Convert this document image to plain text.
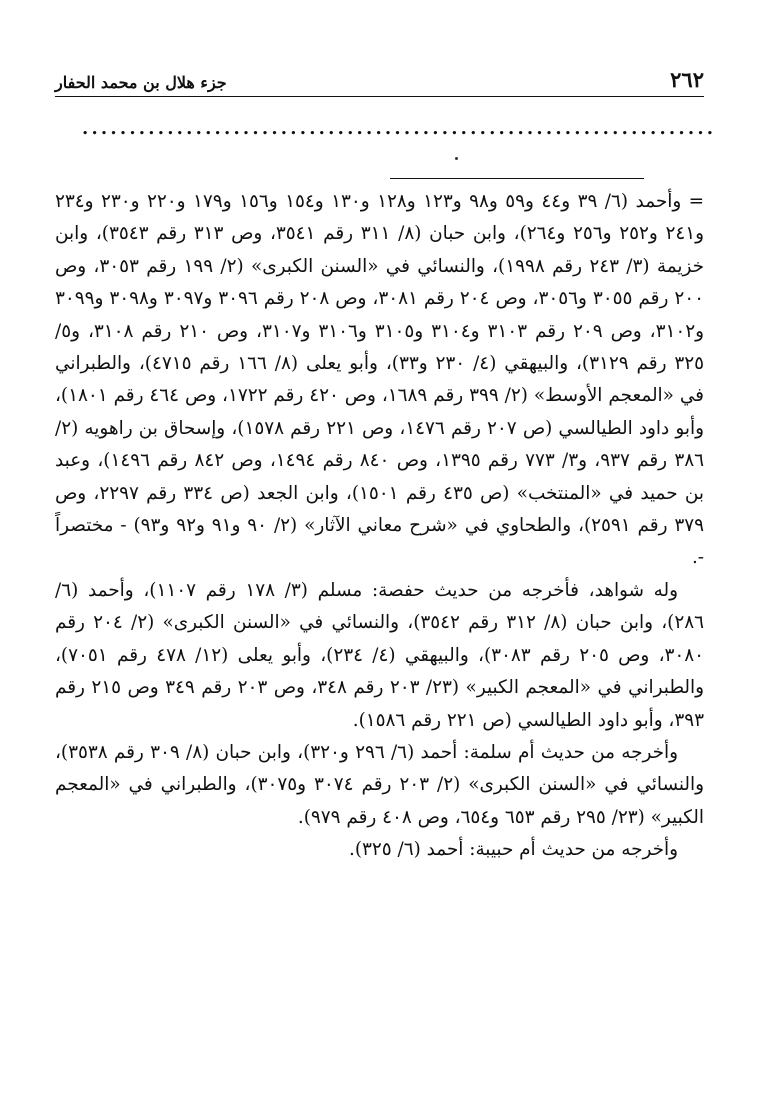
٢٦٢
جزء هلال بن محمد الحفار
...................................................................

= وأحمد (٦/ ٣٩ و٤٤ و٥٩ و٩٨ و١٢٣ و١٢٨ و١٣٠ و١٥٤ و١٥٦ و١٧٩ و٢٢٠ و٢٣٠ و٢٣٤ و٢٤١ و٢٥٢ و٢٥٦ و٢٦٤)، وابن حبان (٨/ ٣١١ رقم ٣٥٤١، وص ٣١٣ رقم ٣٥٤٣)، وابن خزيمة (٣/ ٢٤٣ رقم ١٩٩٨)، والنسائي في «السنن الكبرى» (٢/ ١٩٩ رقم ٣٠٥٣، وص ٢٠٠ رقم ٣٠٥٥ و٣٠٥٦، وص ٢٠٤ رقم ٣٠٨١، وص ٢٠٨ رقم ٣٠٩٦ و٣٠٩٧ و٣٠٩٨ و٣٠٩٩ و٣١٠٢، وص ٢٠٩ رقم ٣١٠٣ و٣١٠٤ و٣١٠٥ و٣١٠٦ و٣١٠٧، وص ٢١٠ رقم ٣١٠٨، و٥/ ٣٢٥ رقم ٣١٢٩)، والبيهقي (٤/ ٢٣٠ و٣٣)، وأبو يعلى (٨/ ١٦٦ رقم ٤٧١٥)، والطبراني في «المعجم الأوسط» (٢/ ٣٩٩ رقم ١٦٨٩، وص ٤٢٠ رقم ١٧٢٢، وص ٤٦٤ رقم ١٨٠١)، وأبو داود الطيالسي (ص ٢٠٧ رقم ١٤٧٦، وص ٢٢١ رقم ١٥٧٨)، وإسحاق بن راهويه (٢/ ٣٨٦ رقم ٩٣٧، و٣/ ٧٧٣ رقم ١٣٩٥، وص ٨٤٠ رقم ١٤٩٤، وص ٨٤٢ رقم ١٤٩٦)، وعبد بن حميد في «المنتخب» (ص ٤٣٥ رقم ١٥٠١)، وابن الجعد (ص ٣٣٤ رقم ٢٢٩٧، وص ٣٧٩ رقم ٢٥٩١)، والطحاوي في «شرح معاني الآثار» (٢/ ٩٠ و٩١ و٩٢ و٩٣) - مختصراً -.

وله شواهد، فأخرجه من حديث حفصة: مسلم (٣/ ١٧٨ رقم ١١٠٧)، وأحمد (٦/ ٢٨٦)، وابن حبان (٨/ ٣١٢ رقم ٣٥٤٢)، والنسائي في «السنن الكبرى» (٢/ ٢٠٤ رقم ٣٠٨٠، وص ٢٠٥ رقم ٣٠٨٣)، والبيهقي (٤/ ٢٣٤)، وأبو يعلى (١٢/ ٤٧٨ رقم ٧٠٥١)، والطبراني في «المعجم الكبير» (٢٣/ ٢٠٣ رقم ٣٤٨، وص ٢٠٣ رقم ٣٤٩ وص ٢١٥ رقم ٣٩٣، وأبو داود الطيالسي (ص ٢٢١ رقم ١٥٨٦).

وأخرجه من حديث أم سلمة: أحمد (٦/ ٢٩٦ و٣٢٠)، وابن حبان (٨/ ٣٠٩ رقم ٣٥٣٨)، والنسائي في «السنن الكبرى» (٢/ ٢٠٣ رقم ٣٠٧٤ و٣٠٧٥)، والطبراني في «المعجم الكبير» (٢٣/ ٢٩٥ رقم ٦٥٣ و٦٥٤، وص ٤٠٨ رقم ٩٧٩).

وأخرجه من حديث أم حبيبة: أحمد (٦/ ٣٢٥).
